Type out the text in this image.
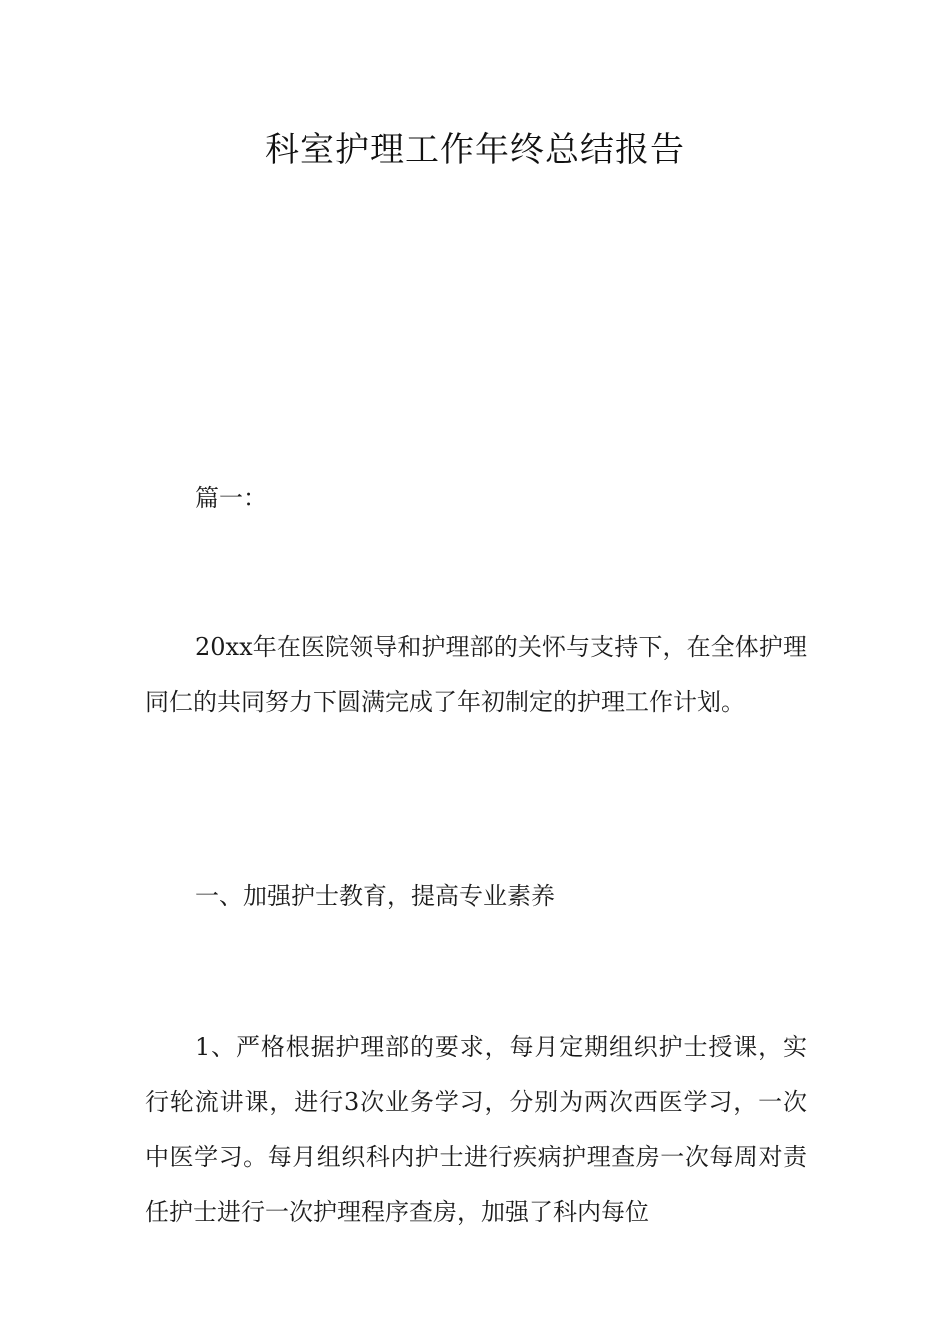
科室护理工作年终总结报告

篇一：

20xx年在医院领导和护理部的关怀与支持下，在全体护理同仁的共同努力下圆满完成了年初制定的护理工作计划。

一、加强护士教育，提高专业素养

1、严格根据护理部的要求，每月定期组织护士授课，实行轮流讲课，进行3次业务学习，分别为两次西医学习，一次中医学习。每月组织科内护士进行疾病护理查房一次每周对责任护士进行一次护理程序查房，加强了科内每位
